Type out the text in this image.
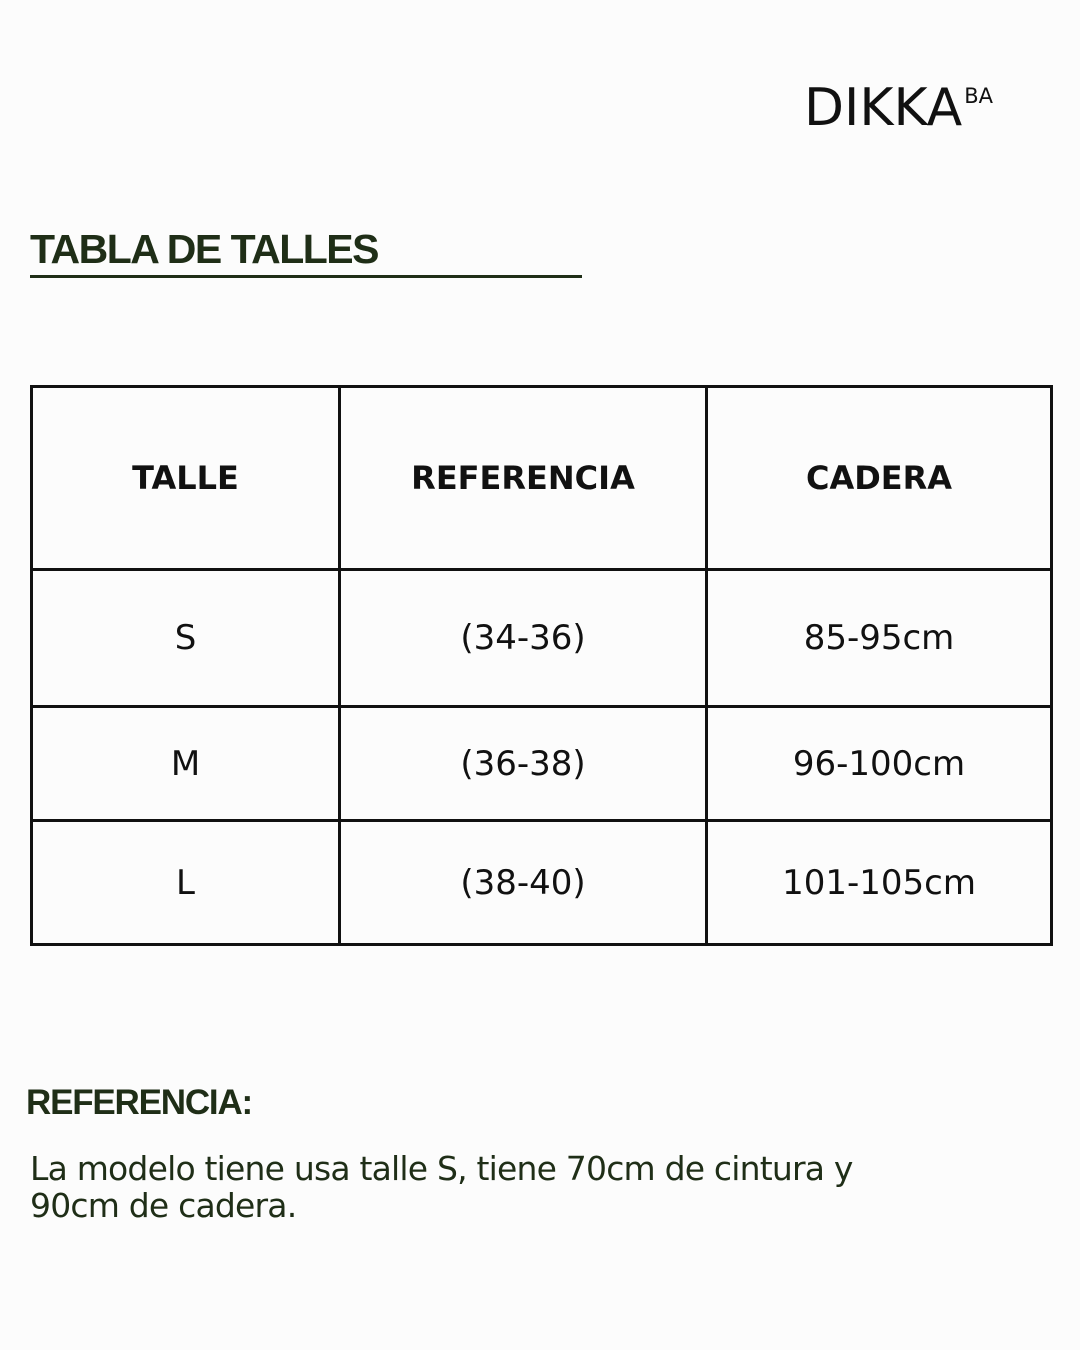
DIKKA BA
TABLA DE TALLES
TALLE	REFERENCIA	CADERA
S	(34-36)	85-95cm
M	(36-38)	96-100cm
L	(38-40)	101-105cm
REFERENCIA:
La modelo tiene usa talle S, tiene 70cm de cintura y
90cm de cadera.
